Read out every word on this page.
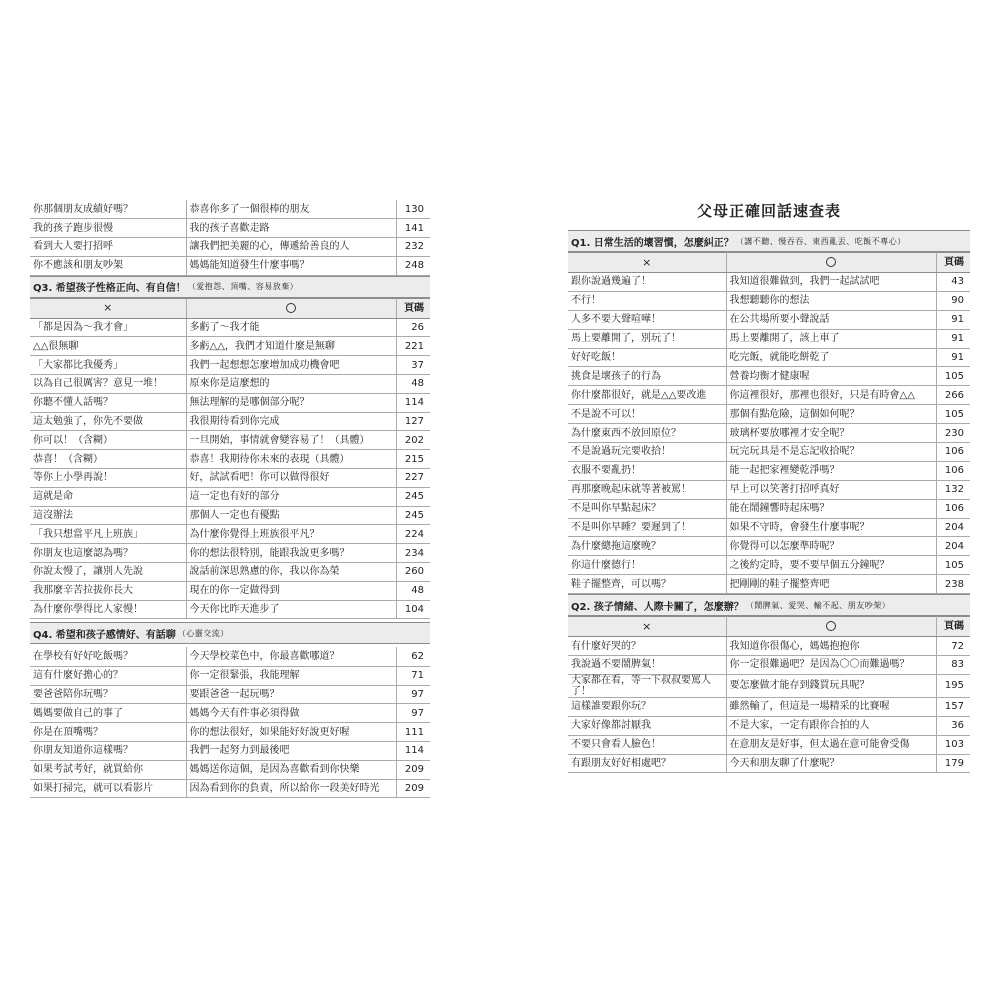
你那個朋友成績好嗎？	恭喜你多了一個很棒的朋友	130
我的孩子跑步很慢	我的孩子喜歡走路	141
看到大人要打招呼	讓我們把美麗的心，傳遞給善良的人	232
你不應該和朋友吵架	媽媽能知道發生什麼事嗎？	248
Q3. 希望孩子性格正向、有自信！ （愛抱怨、頂嘴、容易放棄）
×		頁碼
「都是因為～我才會」	多虧了～我才能	26
△△很無聊	多虧△△，我們才知道什麼是無聊	221
「大家都比我優秀」	我們一起想想怎麼增加成功機會吧	37
以為自己很厲害？意見一堆！	原來你是這麼想的	48
你聽不懂人話嗎？	無法理解的是哪個部分呢？	114
這太勉強了，你先不要做	我很期待看到你完成	127
你可以！（含糊）	一旦開始，事情就會變容易了！（具體）	202
恭喜！（含糊）	恭喜！我期待你未來的表現（具體）	215
等你上小學再說！	好，試試看吧！你可以做得很好	227
這就是命	這一定也有好的部分	245
這沒辦法	那個人一定也有優點	245
「我只想當平凡上班族」	為什麼你覺得上班族很平凡？	224
你朋友也這麼認為嗎？	你的想法很特別，能跟我說更多嗎？	234
你說太慢了，讓別人先說	說話前深思熟慮的你，我以你為榮	260
我那麼辛苦拉拔你長大	現在的你一定做得到	48
為什麼你學得比人家慢！	今天你比昨天進步了	104
Q4. 希望和孩子感情好、有話聊 （心靈交流）
在學校有好好吃飯嗎？	今天學校菜色中，你最喜歡哪道？	62
這有什麼好擔心的？	你一定很緊張，我能理解	71
要爸爸陪你玩嗎？	要跟爸爸一起玩嗎？	97
媽媽要做自己的事了	媽媽今天有件事必須得做	97
你是在頂嘴嗎？	你的想法很好，如果能好好說更好喔	111
你朋友知道你這樣嗎？	我們一起努力到最後吧	114
如果考試考好，就買給你	媽媽送你這個，是因為喜歡看到你快樂	209
如果打掃完，就可以看影片	因為看到你的負責，所以給你一段美好時光	209
父母正確回話速查表
Q1. 日常生活的壞習慣，怎麼糾正？ （講不聽、慢吞吞、東西亂丟、吃飯不專心）
×		頁碼
跟你說過幾遍了！	我知道很難做到，我們一起試試吧	43
不行！	我想聽聽你的想法	90
人多不要大聲喧嘩！	在公共場所要小聲說話	91
馬上要離開了，別玩了！	馬上要離開了，該上車了	91
好好吃飯！	吃完飯，就能吃餅乾了	91
挑食是壞孩子的行為	營養均衡才健康喔	105
你什麼都很好，就是△△要改進	你這裡很好，那裡也很好，只是有時會△△	266
不是說不可以！	那個有點危險，這個如何呢？	105
為什麼東西不放回原位？	玻璃杯要放哪裡才安全呢？	230
不是說過玩完要收拾！	玩完玩具是不是忘記收拾呢？	106
衣服不要亂扔！	能一起把家裡變乾淨嗎？	106
再那麼晚起床就等著被罵！	早上可以笑著打招呼真好	132
不是叫你早點起床？	能在鬧鐘響時起床嗎？	106
不是叫你早睡？要遲到了！	如果不守時，會發生什麼事呢？	204
為什麼總拖這麼晚？	你覺得可以怎麼準時呢？	204
你這什麼德行！	之後約定時，要不要早個五分鐘呢？	105
鞋子擺整齊，可以嗎？	把剛剛的鞋子擺整齊吧	238
Q2. 孩子情緒、人際卡關了，怎麼辦？ （鬧脾氣、愛哭、輸不起、朋友吵架）
×		頁碼
有什麼好哭的？	我知道你很傷心，媽媽抱抱你	72
我說過不要鬧脾氣！	你一定很難過吧？是因為〇〇而難過嗎？	83
大家都在看，等一下叔叔要罵人了！	要怎麼做才能存到錢買玩具呢？	195
這樣誰要跟你玩？	雖然輸了，但這是一場精采的比賽喔	157
大家好像都討厭我	不是大家，一定有跟你合拍的人	36
不要只會看人臉色！	在意朋友是好事，但太過在意可能會受傷	103
有跟朋友好好相處吧？	今天和朋友聊了什麼呢？	179
